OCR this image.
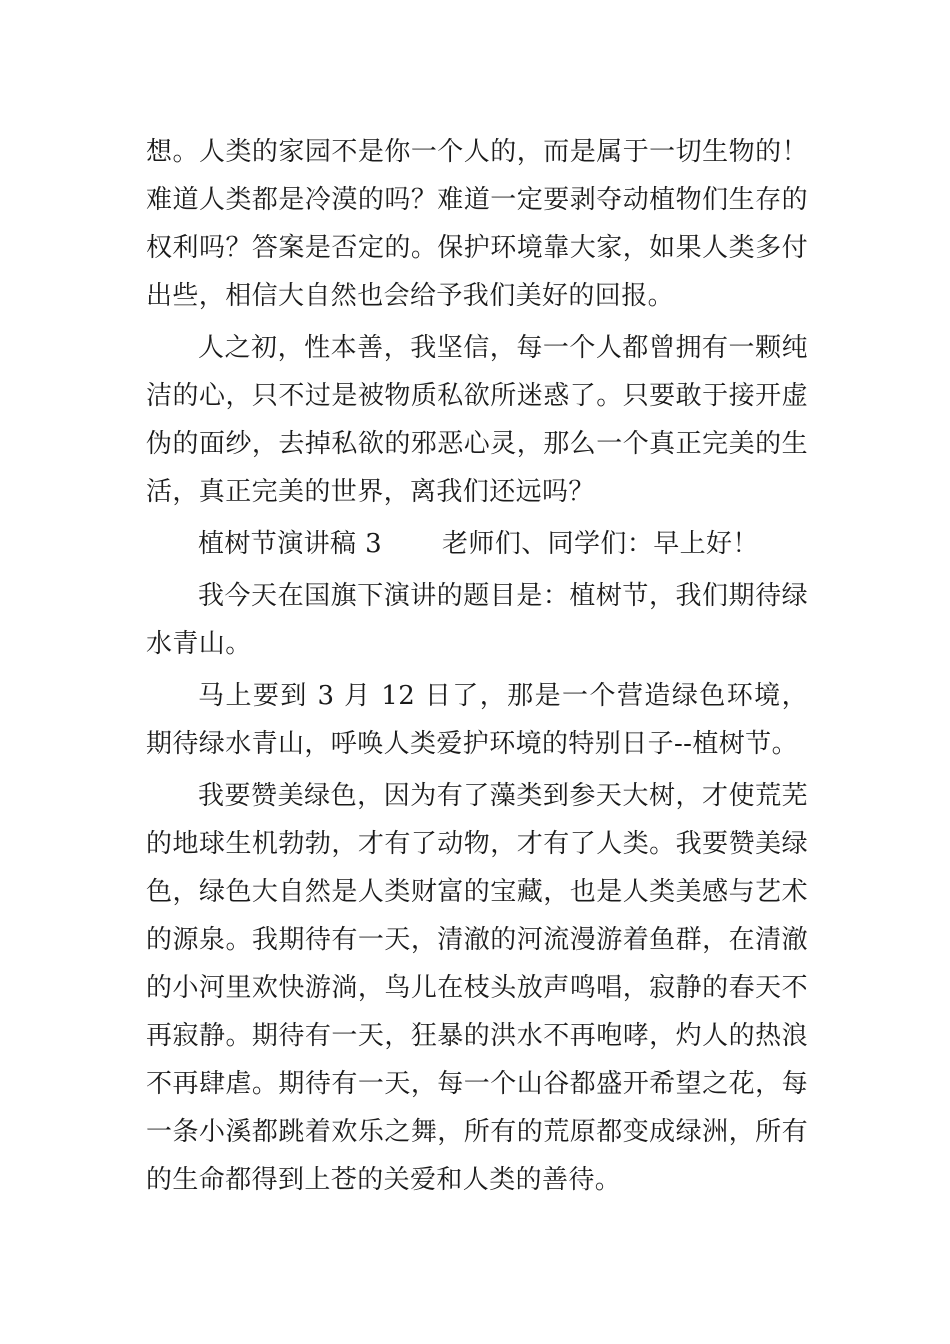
想。人类的家园不是你一个人的，而是属于一切生物的！难道人类都是冷漠的吗？难道一定要剥夺动植物们生存的权利吗？答案是否定的。保护环境靠大家，如果人类多付出些，相信大自然也会给予我们美好的回报。

人之初，性本善，我坚信，每一个人都曾拥有一颗纯洁的心，只不过是被物质私欲所迷惑了。只要敢于接开虚伪的面纱，去掉私欲的邪恶心灵，那么一个真正完美的生活，真正完美的世界，离我们还远吗？

植树节演讲稿 3 老师们、同学们：早上好！

我今天在国旗下演讲的题目是：植树节，我们期待绿水青山。

马上要到 3 月 12 日了，那是一个营造绿色环境，期待绿水青山，呼唤人类爱护环境的特别日子--植树节。

我要赞美绿色，因为有了藻类到参天大树，才使荒芜的地球生机勃勃，才有了动物，才有了人类。我要赞美绿色，绿色大自然是人类财富的宝藏，也是人类美感与艺术的源泉。我期待有一天，清澈的河流漫游着鱼群，在清澈的小河里欢快游淌，鸟儿在枝头放声鸣唱，寂静的春天不再寂静。期待有一天，狂暴的洪水不再咆哮，灼人的热浪不再肆虐。期待有一天，每一个山谷都盛开希望之花，每一条小溪都跳着欢乐之舞，所有的荒原都变成绿洲，所有的生命都得到上苍的关爱和人类的善待。
